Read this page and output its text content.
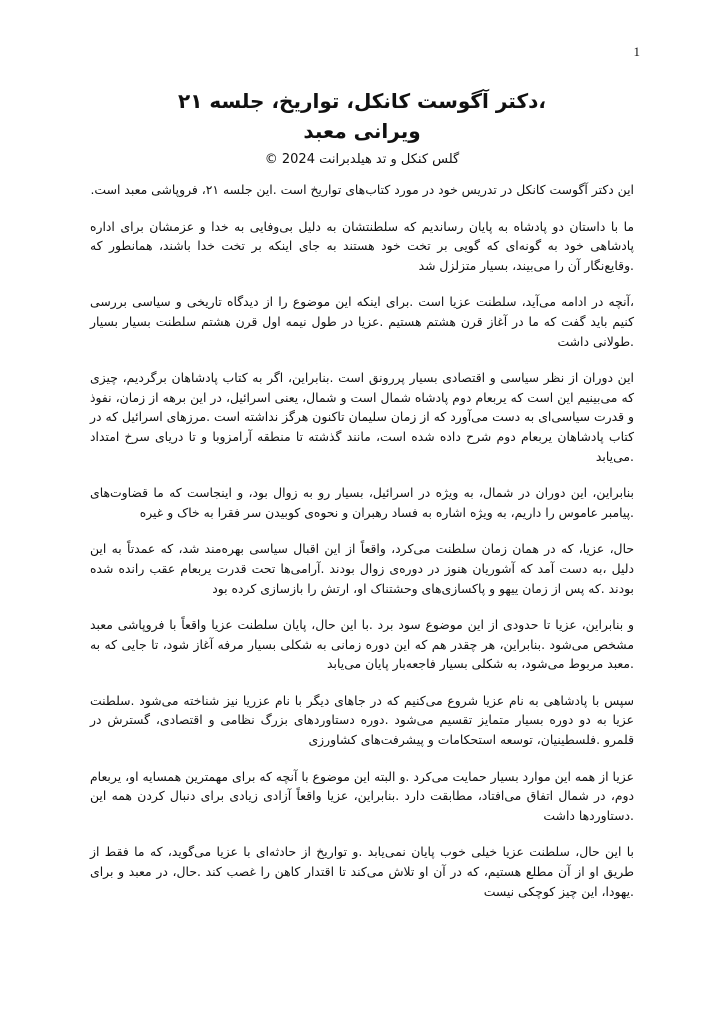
1
،دکتر آگوست کانکل، تواریخ، جلسه ۲۱
ویرانی معبد
گلس کنکل و تد هیلدبرانت 2024 ©

این دکتر آگوست کانکل در تدریس خود در مورد کتاب‌های تواریخ است .این جلسه ۲۱، فروپاشی معبد است.

ما با داستان دو پادشاه به پایان رساندیم که سلطنتشان به دلیل بی‌وفایی به خدا و عزمشان برای اداره پادشاهی خود به گونه‌ای که گویی بر تخت خود هستند به جای اینکه بر تخت خدا باشند، همانطور که .وقایع‌نگار آن را می‌بیند، بسیار متزلزل شد

،آنچه در ادامه می‌آید، سلطنت عزیا است .برای اینکه این موضوع را از دیدگاه تاریخی و سیاسی بررسی کنیم باید گفت که ما در آغاز قرن هشتم هستیم .عزیا در طول نیمه اول قرن هشتم سلطنت بسیار بسیار .طولانی داشت

این دوران از نظر سیاسی و اقتصادی بسیار پررونق است .بنابراین، اگر به کتاب پادشاهان برگردیم، چیزی که می‌بینیم این است که یربعام دوم پادشاه شمال است و شمال، یعنی اسرائیل، در این برهه از زمان، نفوذ و قدرت سیاسی‌ای به دست می‌آورد که از زمان سلیمان تاکنون هرگز نداشته است .مرزهای اسرائیل که در کتاب پادشاهان یربعام دوم شرح داده شده است، مانند گذشته تا منطقه آرامزوبا و تا دریای سرخ امتداد .می‌یابد

بنابراین، این دوران در شمال، به ویژه در اسرائیل، بسیار رو به زوال بود، و اینجاست که ما قضاوت‌های .پیامبر عاموس را داریم، به ویژه اشاره به فساد رهبران و نحوه‌ی کوبیدن سر فقرا به خاک و غیره

حال، عزیا، که در همان زمان سلطنت می‌کرد، واقعاً از این اقبال سیاسی بهره‌مند شد، که عمدتاً به این دلیل ،به دست آمد که آشوریان هنوز در دوره‌ی زوال بودند .آرامی‌ها تحت قدرت یربعام عقب رانده شده بودند .که پس از زمان ییهو و پاکسازی‌های وحشتناک او، ارتش را بازسازی کرده بود

و بنابراین، عزیا تا حدودی از این موضوع سود برد .با این حال، پایان سلطنت عزیا واقعاً با فروپاشی معبد مشخص می‌شود .بنابراین، هر چقدر هم که این دوره زمانی به شکلی بسیار مرفه آغاز شود، تا جایی که به .معبد مربوط می‌شود، به شکلی بسیار فاجعه‌بار پایان می‌یابد

سپس با پادشاهی به نام عزیا شروع می‌کنیم که در جاهای دیگر با نام عزریا نیز شناخته می‌شود .سلطنت عزیا به دو دوره بسیار متمایز تقسیم می‌شود .دوره دستاوردهای بزرگ نظامی و اقتصادی، گسترش در قلمرو .فلسطینیان، توسعه استحکامات و پیشرفت‌های کشاورزی

عزیا از همه این موارد بسیار حمایت می‌کرد .و البته این موضوع با آنچه که برای مهمترین همسایه او، یربعام دوم، در شمال اتفاق می‌افتاد، مطابقت دارد .بنابراین، عزیا واقعاً آزادی زیادی برای دنبال کردن همه این .دستاوردها داشت

با این حال، سلطنت عزیا خیلی خوب پایان نمی‌یابد .و تواریخ از حادثه‌ای با عزیا می‌گوید، که ما فقط از طریق او از آن مطلع هستیم، که در آن او تلاش می‌کند تا اقتدار کاهن را غصب کند .حال، در معبد و برای .یهودا، این چیز کوچکی نیست
